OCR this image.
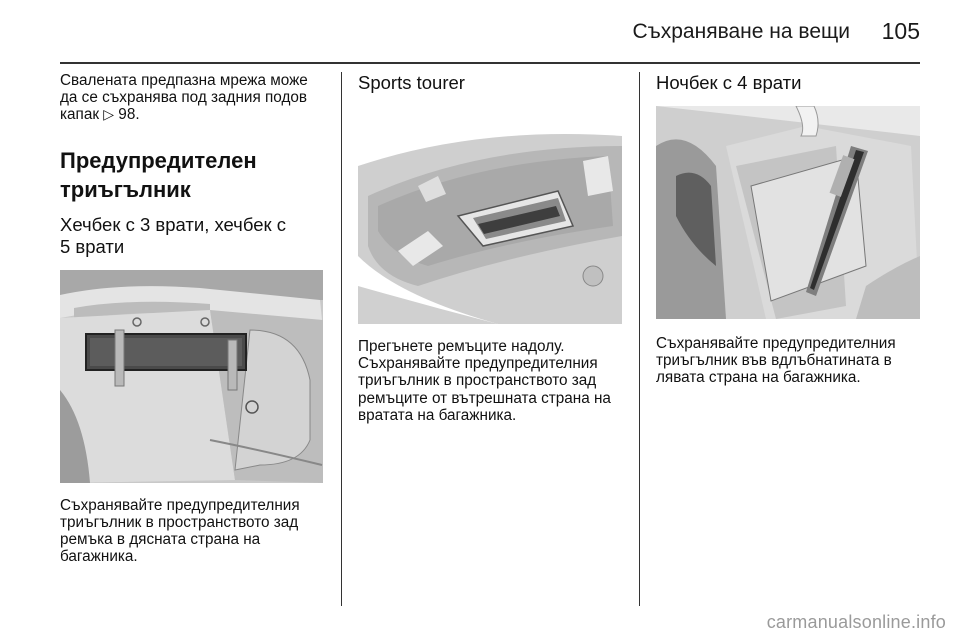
Съхраняване на вещи	105

Свалената предпазна мрежа може
да се съхранява под задния подов
капак ▷ 98.

Предупредителен
триъгълник
Хечбек с 3 врати, хечбек с
5 врати

Съхранявайте предупредителния
триъгълник в пространството зад
ремъка в дясната страна на
багажника.

Sports tourer

Прегънете ремъците надолу.
Съхранявайте предупредителния
триъгълник в пространството зад
ремъците от вътрешната страна на
вратата на багажника.

Ночбек с 4 врати

Съхранявайте предупредителния
триъгълник във вдлъбнатината в
лявата страна на багажника.

carmanualsonline.info
